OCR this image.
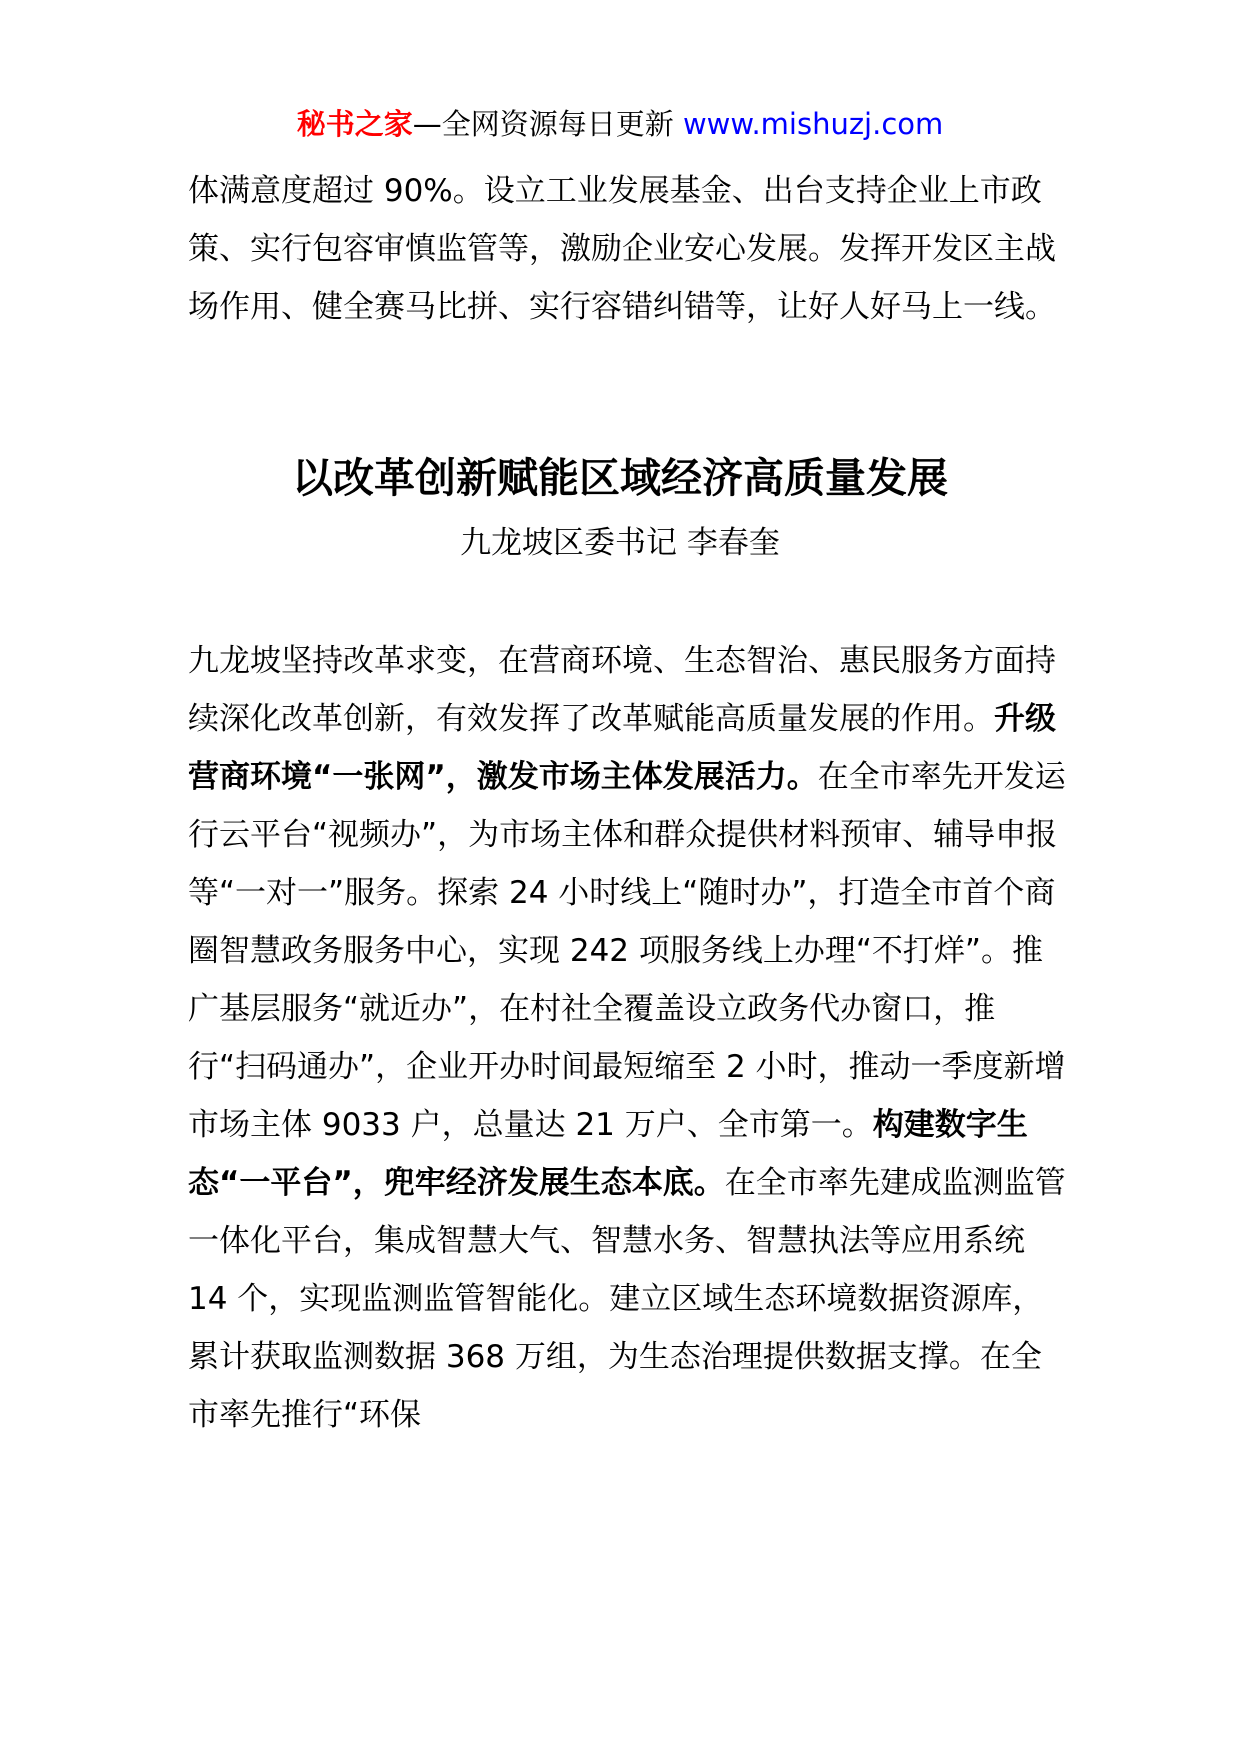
秘书之家—全网资源每日更新 www.mishuzj.com

体满意度超过 90%。设立工业发展基金、出台支持企业上市政策、实行包容审慎监管等，激励企业安心发展。发挥开发区主战场作用、健全赛马比拼、实行容错纠错等，让好人好马上一线。

以改革创新赋能区域经济高质量发展
九龙坡区委书记 李春奎

九龙坡坚持改革求变，在营商环境、生态智治、惠民服务方面持续深化改革创新，有效发挥了改革赋能高质量发展的作用。升级营商环境“一张网”，激发市场主体发展活力。在全市率先开发运行云平台“视频办”，为市场主体和群众提供材料预审、辅导申报等“一对一”服务。探索 24 小时线上“随时办”，打造全市首个商圈智慧政务服务中心，实现 242 项服务线上办理“不打烊”。推广基层服务“就近办”，在村社全覆盖设立政务代办窗口，推行“扫码通办”，企业开办时间最短缩至 2 小时，推动一季度新增市场主体 9033 户，总量达 21 万户、全市第一。构建数字生态“一平台”，兜牢经济发展生态本底。在全市率先建成监测监管一体化平台，集成智慧大气、智慧水务、智慧执法等应用系统 14 个，实现监测监管智能化。建立区域生态环境数据资源库，累计获取监测数据 368 万组，为生态治理提供数据支撑。在全市率先推行“环保
